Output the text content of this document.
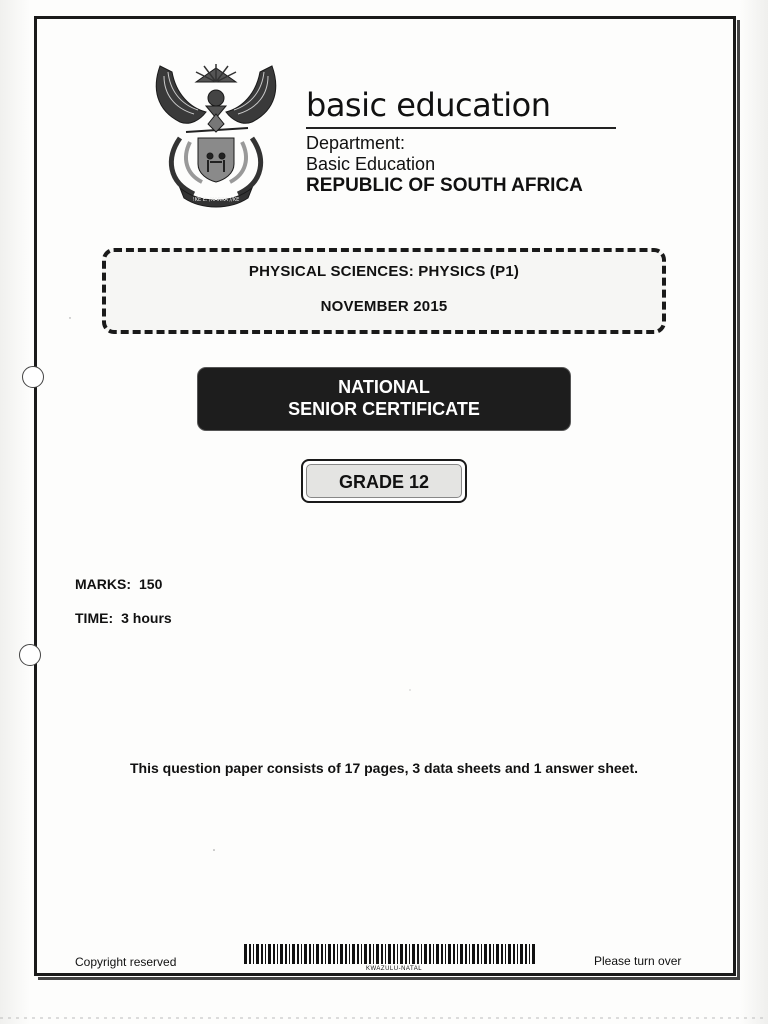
!KE E: /XARRA //KE
basic education
Department:
Basic Education
REPUBLIC OF SOUTH AFRICA
PHYSICAL SCIENCES: PHYSICS (P1)
NOVEMBER 2015
NATIONAL
SENIOR CERTIFICATE
GRADE 12
MARKS: 150
TIME: 3 hours
This question paper consists of 17 pages, 3 data sheets and 1 answer sheet.
Copyright reserved	KWAZULU-NATAL
Please turn over
